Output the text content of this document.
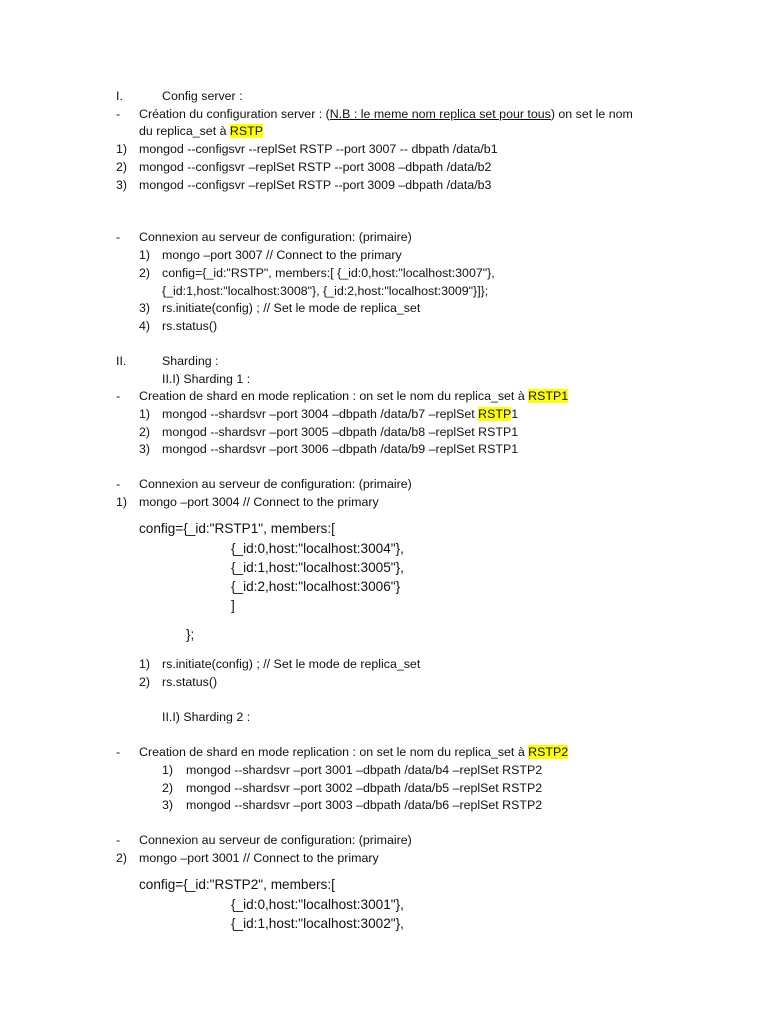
I.	Config server :
- Création du configuration server : (N.B : le meme nom replica set pour tous) on set le nom
du replica_set à RSTP
1) mongod --configsvr --replSet RSTP --port 3007 -- dbpath /data/b1
2) mongod --configsvr –replSet RSTP --port 3008 –dbpath /data/b2
3) mongod --configsvr –replSet RSTP --port 3009 –dbpath /data/b3
- Connexion au serveur de configuration: (primaire)
1) mongo –port 3007 // Connect to the primary
2) config={_id:"RSTP", members:[ {_id:0,host:"localhost:3007"},
{_id:1,host:"localhost:3008"}, {_id:2,host:"localhost:3009"}]};
3) rs.initiate(config) ; // Set le mode de replica_set
4) rs.status()
II.	Sharding :
II.I) Sharding 1 :
- Creation de shard en mode replication : on set le nom du replica_set à RSTP1
1) mongod --shardsvr –port 3004 –dbpath /data/b7 –replSet RSTP1
2) mongod --shardsvr –port 3005 –dbpath /data/b8 –replSet RSTP1
3) mongod --shardsvr –port 3006 –dbpath /data/b9 –replSet RSTP1
- Connexion au serveur de configuration: (primaire)
1) mongo –port 3004 // Connect to the primary
config={_id:"RSTP1", members:[
{_id:0,host:"localhost:3004"},
{_id:1,host:"localhost:3005"},
{_id:2,host:"localhost:3006"}
]
};
1) rs.initiate(config) ; // Set le mode de replica_set
2) rs.status()
II.I) Sharding 2 :
- Creation de shard en mode replication : on set le nom du replica_set à RSTP2
1) mongod --shardsvr –port 3001 –dbpath /data/b4 –replSet RSTP2
2) mongod --shardsvr –port 3002 –dbpath /data/b5 –replSet RSTP2
3) mongod --shardsvr –port 3003 –dbpath /data/b6 –replSet RSTP2
- Connexion au serveur de configuration: (primaire)
2) mongo –port 3001 // Connect to the primary
config={_id:"RSTP2", members:[
{_id:0,host:"localhost:3001"},
{_id:1,host:"localhost:3002"},
